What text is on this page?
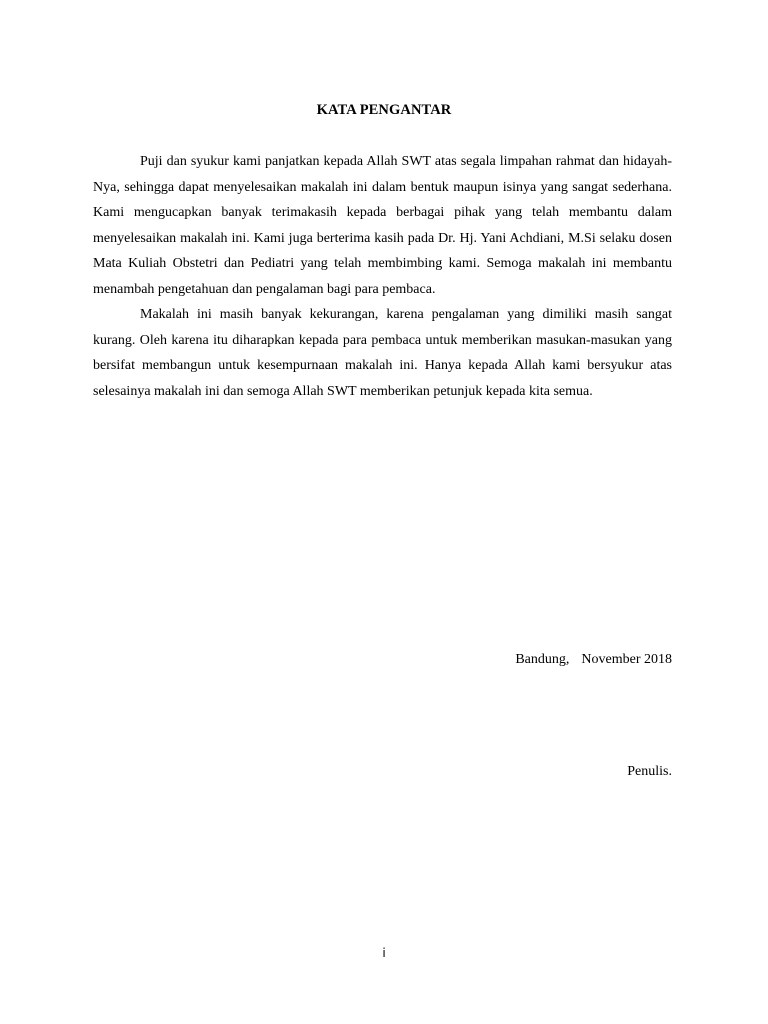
KATA PENGANTAR

Puji dan syukur kami panjatkan kepada Allah SWT atas segala limpahan rahmat dan hidayah-Nya, sehingga dapat menyelesaikan makalah ini dalam bentuk maupun isinya yang sangat sederhana. Kami mengucapkan banyak terimakasih kepada berbagai pihak yang telah membantu dalam menyelesaikan makalah ini. Kami juga berterima kasih pada Dr. Hj. Yani Achdiani, M.Si selaku dosen Mata Kuliah Obstetri dan Pediatri yang telah membimbing kami. Semoga makalah ini membantu menambah pengetahuan dan pengalaman bagi para pembaca.

Makalah ini masih banyak kekurangan, karena pengalaman yang dimiliki masih sangat kurang. Oleh karena itu diharapkan kepada para pembaca untuk memberikan masukan-masukan yang bersifat membangun untuk kesempurnaan makalah ini. Hanya kepada Allah kami bersyukur atas selesainya makalah ini dan semoga Allah SWT memberikan petunjuk kepada kita semua.

Bandung, November 2018
Penulis.
i
